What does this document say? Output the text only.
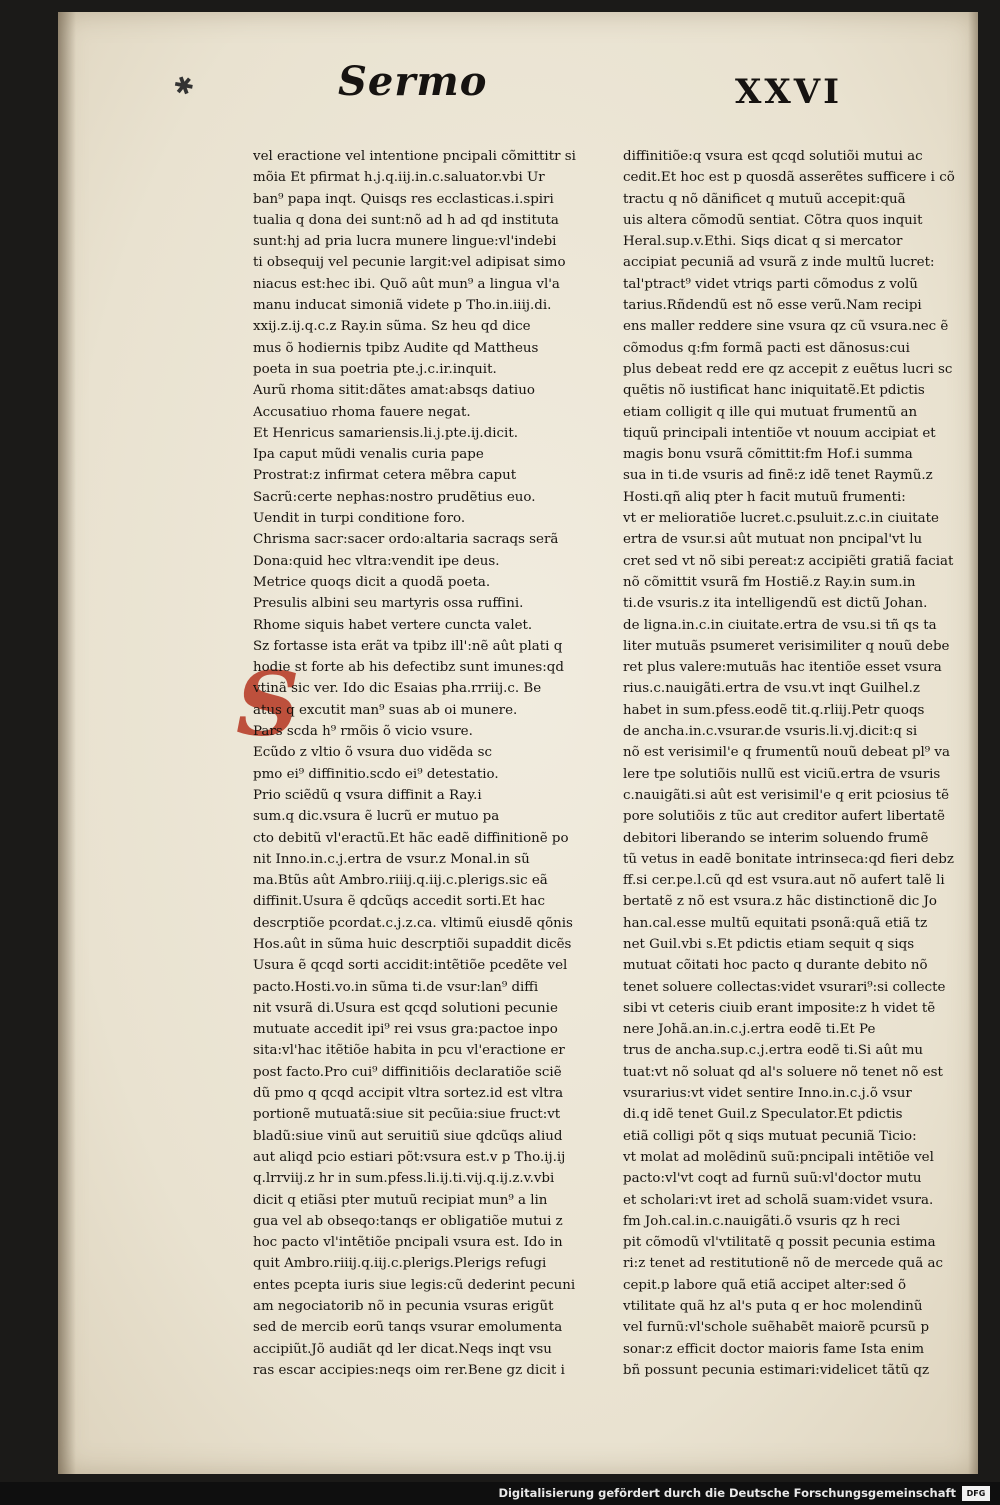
✱	Sermo	XXVI
S
vel eractione vel intentione pncipali cõmittitr si
mõia Et pfirmat h.j.q.iij.in.c.saluator.vbi Ur
ban⁹ papa inqt. Quisqs res ecclasticas.i.spiri
tualia q dona dei sunt:nõ ad h ad qd instituta
sunt:hj ad pria lucra munere lingue:vl'indebi
ti obsequij vel pecunie largit:vel adipisat simo
niacus est:hec ibi. Quõ aût mun⁹ a lingua vl'a
manu inducat simoniã videte p Tho.in.iiij.di.
xxij.z.ij.q.c.z Ray.in sũma. Sz heu qd dice
mus õ hodiernis tpibz Audite qd Mattheus
poeta in sua poetria pte.j.c.ir.inquit.
Aurũ rhoma sitit:dãtes amat:absqs datiuo
Accusatiuo rhoma fauere negat.
Et Henricus samariensis.li.j.pte.ij.dicit.
Ipa caput mũdi venalis curia pape
Prostrat:z infirmat cetera mẽbra caput
Sacrũ:certe nephas:nostro prudẽtius euo.
Uendit in turpi conditione foro.
Chrisma sacr:sacer ordo:altaria sacraqs serã
Dona:quid hec vltra:vendit ipe deus.
Metrice quoqs dicit a quodã poeta.
Presulis albini seu martyris ossa ruffini.
Rhome siquis habet vertere cuncta valet.
Sz fortasse ista erãt va tpibz ill':nẽ aût plati q
hodie st forte ab his defectibz sunt imunes:qd
vtinã sic ver. Ido dic Esaias pha.rrriij.c. Be
atus q excutit man⁹ suas ab oi munere.
Pars scda h⁹ rmõis õ vicio vsure.
Ecũdo z vltio õ vsura duo vidẽda sc
pmo ei⁹ diffinitio.scdo ei⁹ detestatio.
Prio sciẽdũ q vsura diffinit a Ray.i
sum.q dic.vsura ẽ lucrũ er mutuo pa
cto debitũ vl'eractũ.Et hãc eadẽ diffinitionẽ po
nit Inno.in.c.j.ertra de vsur.z Monal.in sũ
ma.Btũs aût Ambro.riiij.q.iij.c.plerigs.sic eã
diffinit.Usura ẽ qdcũqs accedit sorti.Et hac
descrptiõe pcordat.c.j.z.ca. vltimũ eiusdẽ qõnis
Hos.aût in sũma huic descrptiõi supaddit dicẽs
Usura ẽ qcqd sorti accidit:intẽtiõe pcedẽte vel
pacto.Hosti.vo.in sũma ti.de vsur:lan⁹ diffi
nit vsurã di.Usura est qcqd solutioni pecunie
mutuate accedit ipi⁹ rei vsus gra:pactoe inpo
sita:vl'hac itẽtiõe habita in pcu vl'eractione er
post facto.Pro cui⁹ diffinitiõis declaratiõe sciẽ
dũ pmo q qcqd accipit vltra sortez.id est vltra
portionẽ mutuatã:siue sit pecũia:siue fruct:vt
bladũ:siue vinũ aut seruitiũ siue qdcũqs aliud
aut aliqd pcio estiari põt:vsura est.v p Tho.ij.ij
q.lrrviij.z hr in sum.pfess.li.ij.ti.vij.q.ij.z.v.vbi
dicit q etiãsi pter mutuũ recipiat mun⁹ a lin
gua vel ab obseqo:tanqs er obligatiõe mutui z
hoc pacto vl'intẽtiõe pncipali vsura est. Ido in
quit Ambro.riiij.q.iij.c.plerigs.Plerigs refugi
entes pcepta iuris siue legis:cũ dederint pecuni
am negociatorib nõ in pecunia vsuras erigũt
sed de mercib eorũ tanqs vsurar emolumenta
accipiũt.Jõ audiãt qd ler dicat.Neqs inqt vsu
ras escar accipies:neqs oim rer.Bene gz dicit i
diffinitiõe:q vsura est qcqd solutiõi mutui ac
cedit.Et hoc est p quosdã asserẽtes sufficere i cõ
tractu q nõ dãnificet q mutuũ accepit:quã
uis altera cõmodũ sentiat. Cõtra quos inquit
Heral.sup.v.Ethi. Siqs dicat q si mercator
accipiat pecuniã ad vsurã z inde multũ lucret:
tal'ptract⁹ videt vtriqs parti cõmodus z volũ
tarius.Rñdendũ est nõ esse verũ.Nam recipi
ens maller reddere sine vsura qz cũ vsura.nec ẽ
cõmodus q:fm formã pacti est dãnosus:cui
plus debeat redd ere qz accepit z euẽtus lucri sc
quẽtis nõ iustificat hanc iniquitatẽ.Et pdictis
etiam colligit q ille qui mutuat frumentũ an
tiquũ principali intentiõe vt nouum accipiat et
magis bonu vsurã cõmittit:fm Hof.i summa
sua in ti.de vsuris ad finẽ:z idẽ tenet Raymũ.z
Hosti.qñ aliq pter h facit mutuũ frumenti:
vt er melioratiõe lucret.c.psuluit.z.c.in ciuitate
ertra de vsur.si aût mutuat non pncipal'vt lu
cret sed vt nõ sibi pereat:z accipiẽti gratiã faciat
nõ cõmittit vsurã fm Hostiẽ.z Ray.in sum.in
ti.de vsuris.z ita intelligendũ est dictũ Johan.
de ligna.in.c.in ciuitate.ertra de vsu.si tñ qs ta
liter mutuãs psumeret verisimiliter q nouũ debe
ret plus valere:mutuãs hac itentiõe esset vsura
rius.c.nauigãti.ertra de vsu.vt inqt Guilhel.z
habet in sum.pfess.eodẽ tit.q.rliij.Petr quoqs
de ancha.in.c.vsurar.de vsuris.li.vj.dicit:q si
nõ est verisimil'e q frumentũ nouũ debeat pl⁹ va
lere tpe solutiõis nullũ est viciũ.ertra de vsuris
c.nauigãti.si aût est verisimil'e q erit pciosius tẽ
pore solutiõis z tũc aut creditor aufert libertatẽ
debitori liberando se interim soluendo frumẽ
tũ vetus in eadẽ bonitate intrinseca:qd fieri debz
ff.si cer.pe.l.cũ qd est vsura.aut nõ aufert talẽ li
bertatẽ z nõ est vsura.z hãc distinctionẽ dic Jo
han.cal.esse multũ equitati psonã:quã etiã tz
net Guil.vbi s.Et pdictis etiam sequit q siqs
mutuat cõitati hoc pacto q durante debito nõ
tenet soluere collectas:videt vsurari⁹:si collecte
sibi vt ceteris ciuib erant imposite:z h videt tẽ
nere Johã.an.in.c.j.ertra eodẽ ti.Et Pe
trus de ancha.sup.c.j.ertra eodẽ ti.Si aût mu
tuat:vt nõ soluat qd al's soluere nõ tenet nõ est
vsurarius:vt videt sentire Inno.in.c.j.õ vsur
di.q idẽ tenet Guil.z Speculator.Et pdictis
etiã colligi põt q siqs mutuat pecuniã Ticio:
vt molat ad molẽdinũ suũ:pncipali intẽtiõe vel
pacto:vl'vt coqt ad furnũ suũ:vl'doctor mutu
et scholari:vt iret ad scholã suam:videt vsura.
fm Joh.cal.in.c.nauigãti.õ vsuris qz h reci
pit cõmodũ vl'vtilitatẽ q possit pecunia estima
ri:z tenet ad restitutionẽ nõ de mercede quã ac
cepit.p labore quã etiã accipet alter:sed õ
vtilitate quã hz al's puta q er hoc molendinũ
vel furnũ:vl'schole suẽhabẽt maiorẽ pcursũ p
sonar:z efficit doctor maioris fame Ista enim
bñ possunt pecunia estimari:videlicet tãtũ qz
Digitalisierung gefördert durch die Deutsche Forschungsgemeinschaft	DFG
